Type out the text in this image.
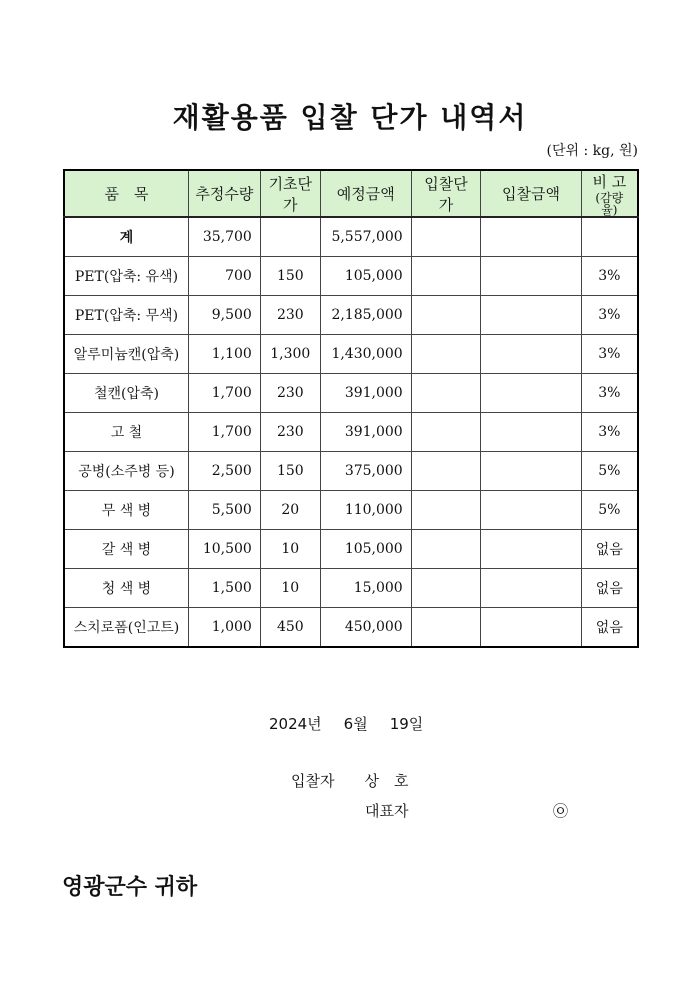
재활용품 입찰 단가 내역서
(단위 : kg, 원)
품　목	추정수량	기초단가	예정금액	입찰단가	입찰금액	비 고
(감량율)

계	35,700		5,557,000			
PET(압축: 유색)	700	150	105,000			3%
PET(압축: 무색)	9,500	230	2,185,000			3%
알루미늄캔(압축)	1,100	1,300	1,430,000			3%
철캔(압축)	1,700	230	391,000			3%
고 철	1,700	230	391,000			3%
공병(소주병 등)	2,500	150	375,000			5%
무 색 병	5,500	20	110,000			5%
갈 색 병	10,500	10	105,000			없음
청 색 병	1,500	10	15,000			없음
스치로폼(인고트)	1,000	450	450,000			없음
2024년 6월 19일
입찰자 상　호
대표자	㉧
영광군수 귀하
